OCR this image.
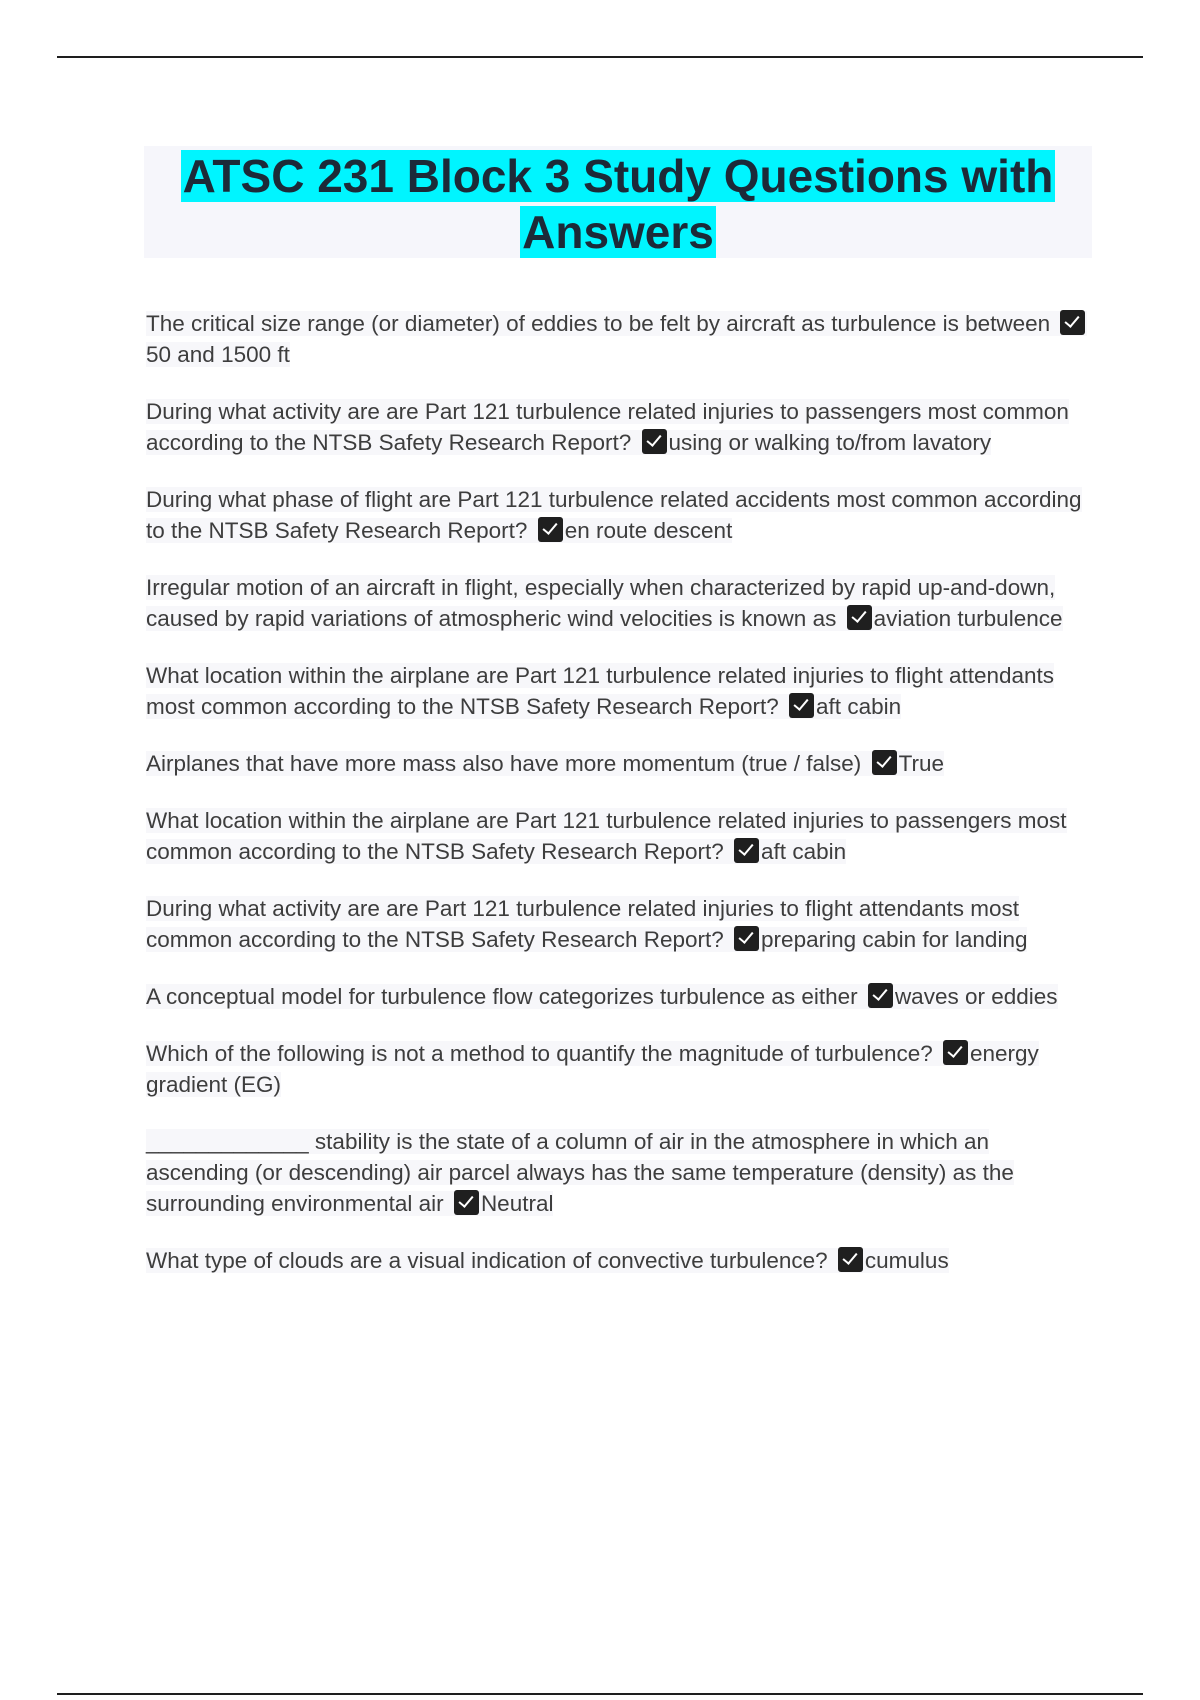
ATSC 231 Block 3 Study Questions with
Answers

The critical size range (or diameter) of eddies to be felt by aircraft as turbulence is between 50 and 1500 ft

During what activity are are Part 121 turbulence related injuries to passengers most common according to the NTSB Safety Research Report? using or walking to/from lavatory

During what phase of flight are Part 121 turbulence related accidents most common according to the NTSB Safety Research Report? en route descent

Irregular motion of an aircraft in flight, especially when characterized by rapid up-and-down, caused by rapid variations of atmospheric wind velocities is known as aviation turbulence

What location within the airplane are Part 121 turbulence related injuries to flight attendants most common according to the NTSB Safety Research Report? aft cabin

Airplanes that have more mass also have more momentum (true / false) True

What location within the airplane are Part 121 turbulence related injuries to passengers most common according to the NTSB Safety Research Report? aft cabin

During what activity are are Part 121 turbulence related injuries to flight attendants most common according to the NTSB Safety Research Report? preparing cabin for landing

A conceptual model for turbulence flow categorizes turbulence as either waves or eddies

Which of the following is not a method to quantify the magnitude of turbulence? energy gradient (EG)

_____________ stability is the state of a column of air in the atmosphere in which an ascending (or descending) air parcel always has the same temperature (density) as the surrounding environmental air Neutral

What type of clouds are a visual indication of convective turbulence? cumulus
